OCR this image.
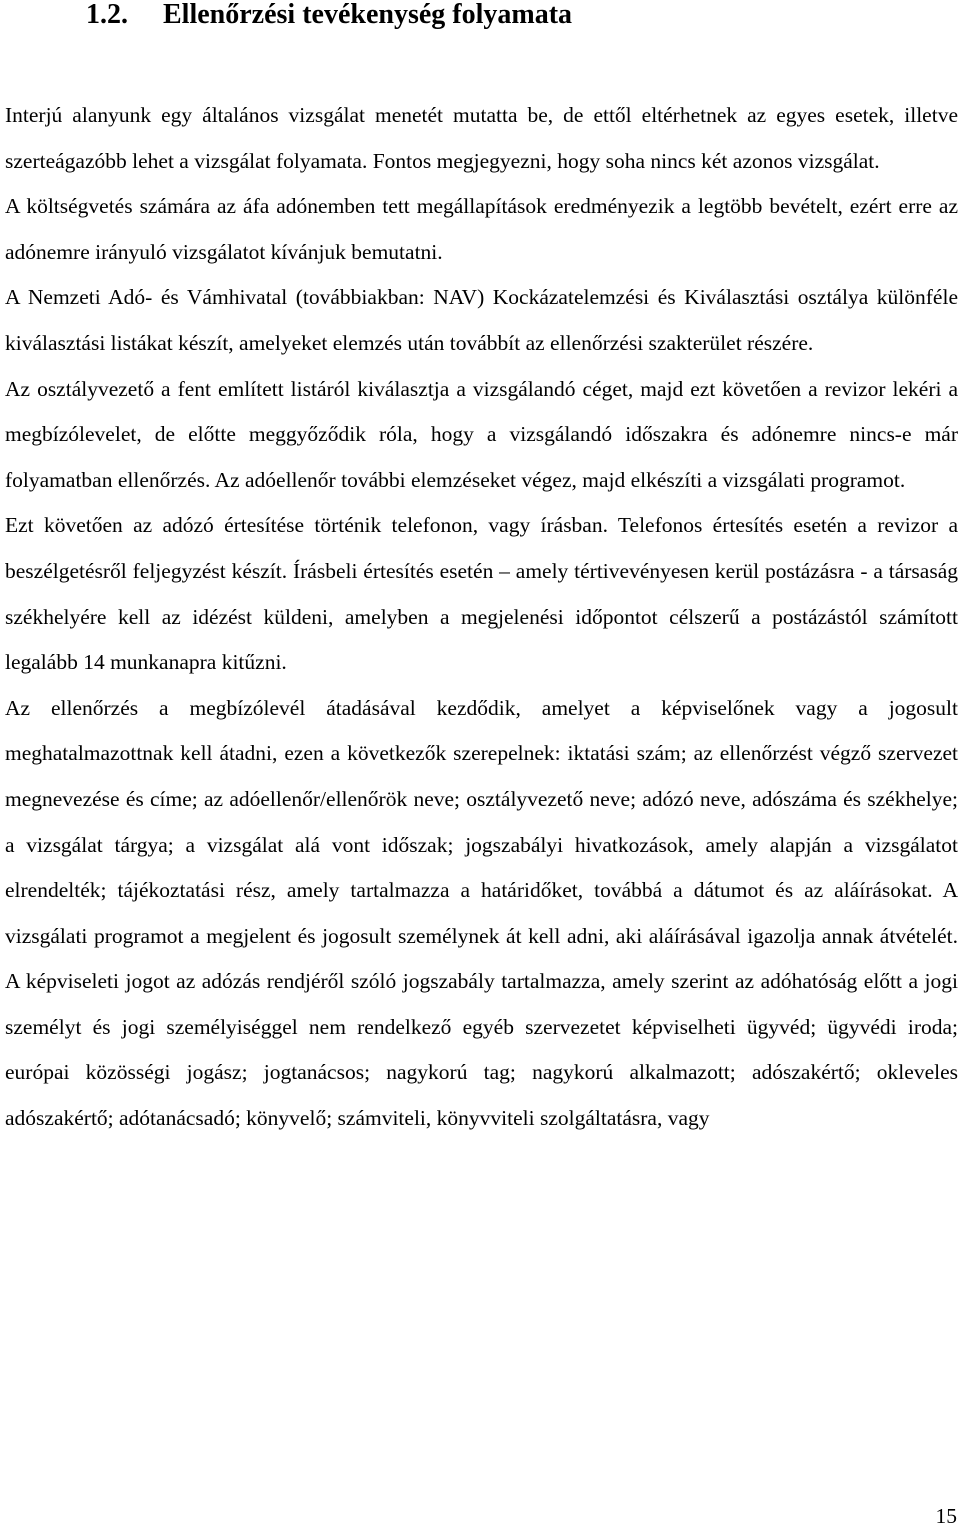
1.2. Ellenőrzési tevékenység folyamata

Interjú alanyunk egy általános vizsgálat menetét mutatta be, de ettől eltérhetnek az egyes esetek, illetve szerteágazóbb lehet a vizsgálat folyamata. Fontos megjegyezni, hogy soha nincs két azonos vizsgálat.

A költségvetés számára az áfa adónemben tett megállapítások eredményezik a legtöbb bevételt, ezért erre az adónemre irányuló vizsgálatot kívánjuk bemutatni.

A Nemzeti Adó- és Vámhivatal (továbbiakban: NAV) Kockázatelemzési és Kiválasztási osztálya különféle kiválasztási listákat készít, amelyeket elemzés után továbbít az ellenőrzési szakterület részére.

Az osztályvezető a fent említett listáról kiválasztja a vizsgálandó céget, majd ezt követően a revizor lekéri a megbízólevelet, de előtte meggyőződik róla, hogy a vizsgálandó időszakra és adónemre nincs-e már folyamatban ellenőrzés. Az adóellenőr további elemzéseket végez, majd elkészíti a vizsgálati programot.

Ezt követően az adózó értesítése történik telefonon, vagy írásban. Telefonos értesítés esetén a revizor a beszélgetésről feljegyzést készít. Írásbeli értesítés esetén – amely tértivevényesen kerül postázásra - a társaság székhelyére kell az idézést küldeni, amelyben a megjelenési időpontot célszerű a postázástól számított legalább 14 munkanapra kitűzni.

Az ellenőrzés a megbízólevél átadásával kezdődik, amelyet a képviselőnek vagy a jogosult meghatalmazottnak kell átadni, ezen a következők szerepelnek: iktatási szám; az ellenőrzést végző szervezet megnevezése és címe; az adóellenőr/ellenőrök neve; osztályvezető neve; adózó neve, adószáma és székhelye; a vizsgálat tárgya; a vizsgálat alá vont időszak; jogszabályi hivatkozások, amely alapján a vizsgálatot elrendelték; tájékoztatási rész, amely tartalmazza a határidőket, továbbá a dátumot és az aláírásokat. A vizsgálati programot a megjelent és jogosult személynek át kell adni, aki aláírásával igazolja annak átvételét. A képviseleti jogot az adózás rendjéről szóló jogszabály tartalmazza, amely szerint az adóhatóság előtt a jogi személyt és jogi személyiséggel nem rendelkező egyéb szervezetet képviselheti ügyvéd; ügyvédi iroda; európai közösségi jogász; jogtanácsos; nagykorú tag; nagykorú alkalmazott; adószakértő; okleveles adószakértő; adótanácsadó; könyvelő; számviteli, könyvviteli szolgáltatásra, vagy

15
